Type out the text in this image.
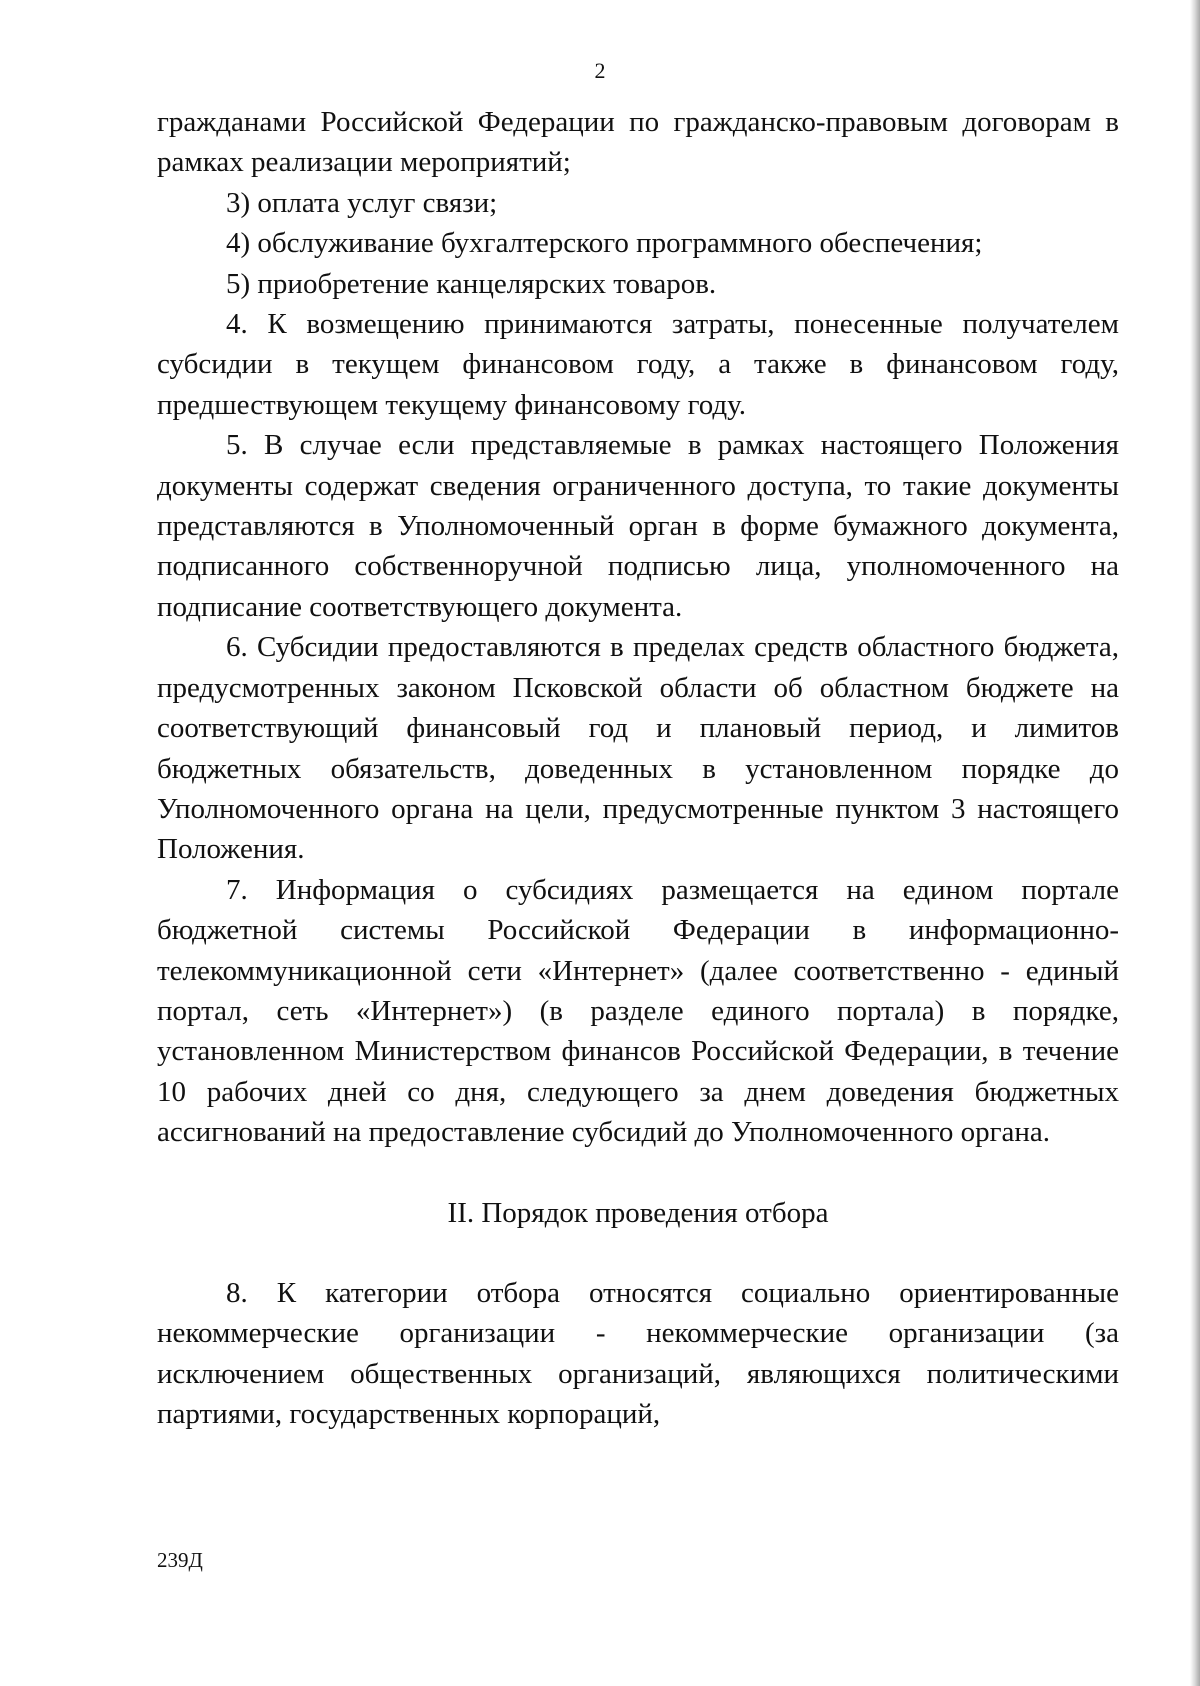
2

гражданами Российской Федерации по гражданско-правовым договорам в рамках реализации мероприятий;

3) оплата услуг связи;

4) обслуживание бухгалтерского программного обеспечения;

5) приобретение канцелярских товаров.

4. К возмещению принимаются затраты, понесенные получателем субсидии в текущем финансовом году, а также в финансовом году, предшествующем текущему финансовому году.

5. В случае если представляемые в рамках настоящего Положения документы содержат сведения ограниченного доступа, то такие документы представляются в Уполномоченный орган в форме бумажного документа, подписанного собственноручной подписью лица, уполномоченного на подписание соответствующего документа.

6. Субсидии предоставляются в пределах средств областного бюджета, предусмотренных законом Псковской области об областном бюджете на соответствующий финансовый год и плановый период, и лимитов бюджетных обязательств, доведенных в установленном порядке до Уполномоченного органа на цели, предусмотренные пунктом 3 настоящего Положения.

7. Информация о субсидиях размещается на едином портале бюджетной системы Российской Федерации в информационно-телекоммуникационной сети «Интернет» (далее соответственно - единый портал, сеть «Интернет») (в разделе единого портала) в порядке, установленном Министерством финансов Российской Федерации, в течение 10 рабочих дней со дня, следующего за днем доведения бюджетных ассигнований на предоставление субсидий до Уполномоченного органа.

II. Порядок проведения отбора

8. К категории отбора относятся социально ориентированные некоммерческие организации - некоммерческие организации (за исключением общественных организаций, являющихся политическими партиями, государственных корпораций,

239Д
